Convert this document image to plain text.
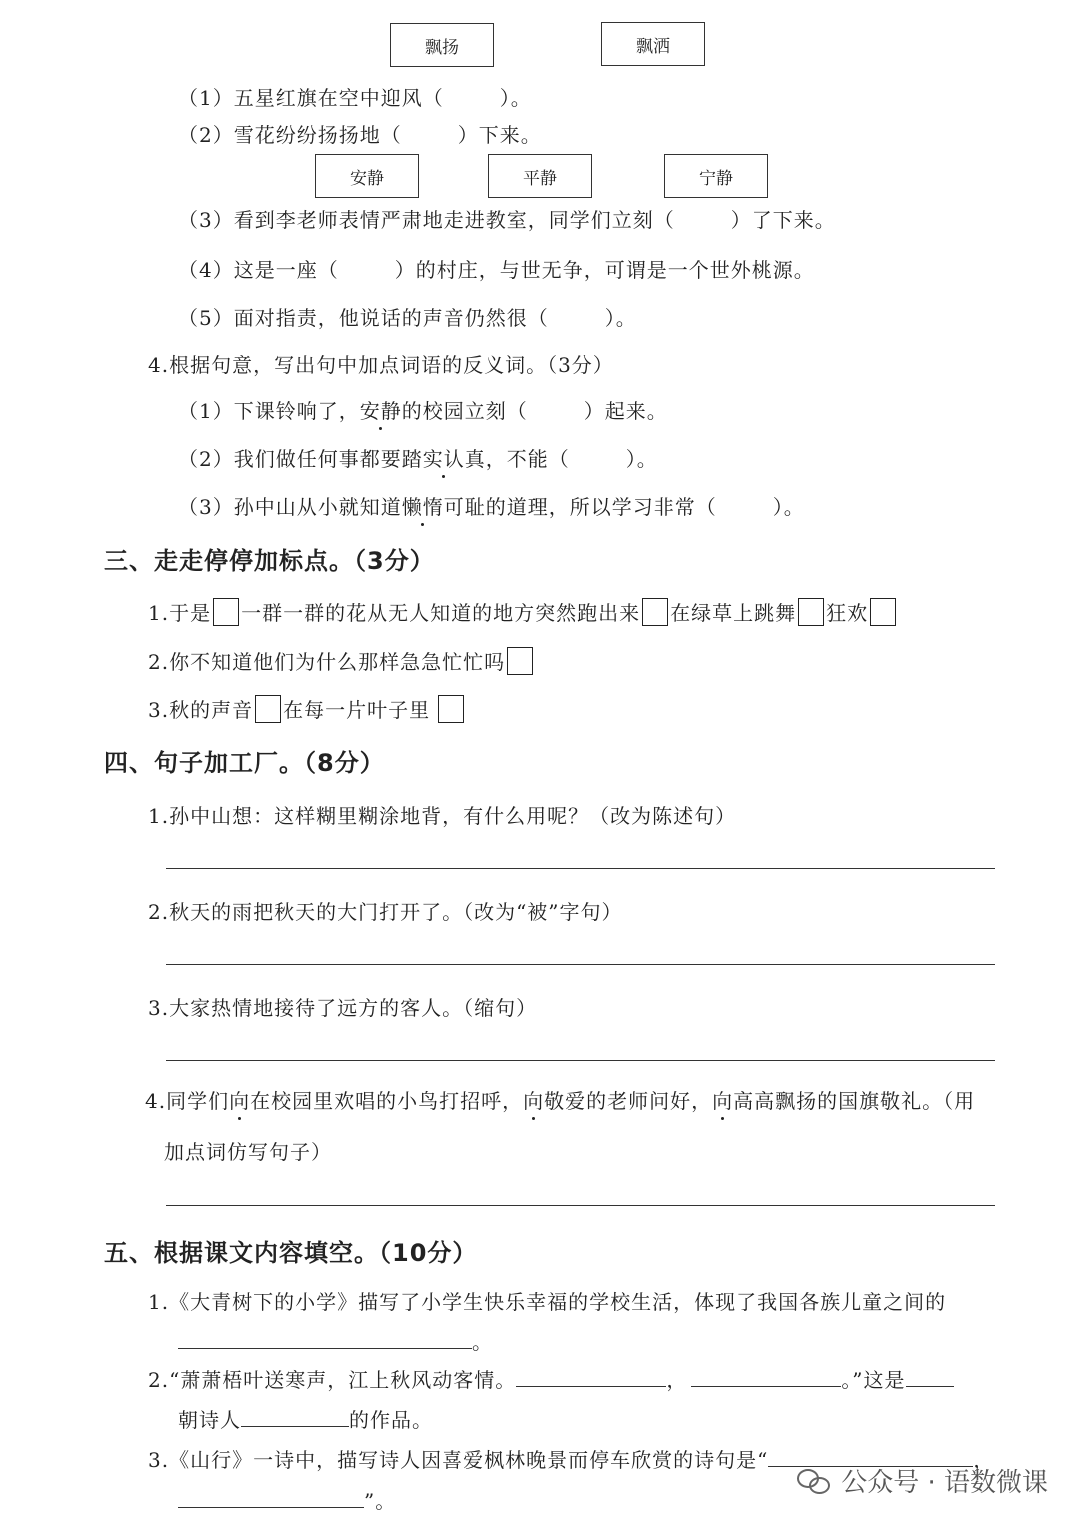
飘扬	飘洒
（1）五星红旗在空中迎风（	）。
（2）雪花纷纷扬扬地（	）下来。
安静	平静	宁静
（3）看到李老师表情严肃地走进教室，同学们立刻（	）了下来。
（4）这是一座（	）的村庄，与世无争，可谓是一个世外桃源。
（5）面对指责，他说话的声音仍然很（	）。
4.根据句意，写出句中加点词语的反义词。（3分）
（1）下课铃响了，安静的校园立刻（	）起来。
（2）我们做任何事都要踏实认真，不能（	）。
（3）孙中山从小就知道懒惰可耻的道理，所以学习非常（	）。
三、走走停停加标点。（3分）
1.于是 一群一群的花从无人知道的地方突然跑出来 在绿草上跳舞 狂欢
2.你不知道他们为什么那样急急忙忙吗
3.秋的声音 在每一片叶子里
四、句子加工厂。（8分）
1.孙中山想：这样糊里糊涂地背，有什么用呢？（改为陈述句）
2.秋天的雨把秋天的大门打开了。（改为“被”字句）
3.大家热情地接待了远方的客人。（缩句）
4.同学们向在校园里欢唱的小鸟打招呼，向敬爱的老师问好，向高高飘扬的国旗敬礼。（用
加点词仿写句子）
五、根据课文内容填空。（10分）
1.《大青树下的小学》描写了小学生快乐幸福的学校生活，体现了我国各族儿童之间的
。
2.“萧萧梧叶送寒声，江上秋风动客情。	，	。”这是
朝诗人	的作品。
3.《山行》一诗中，描写诗人因喜爱枫林晚景而停车欣赏的诗句是“	，
”。
公众号 · 语数微课
